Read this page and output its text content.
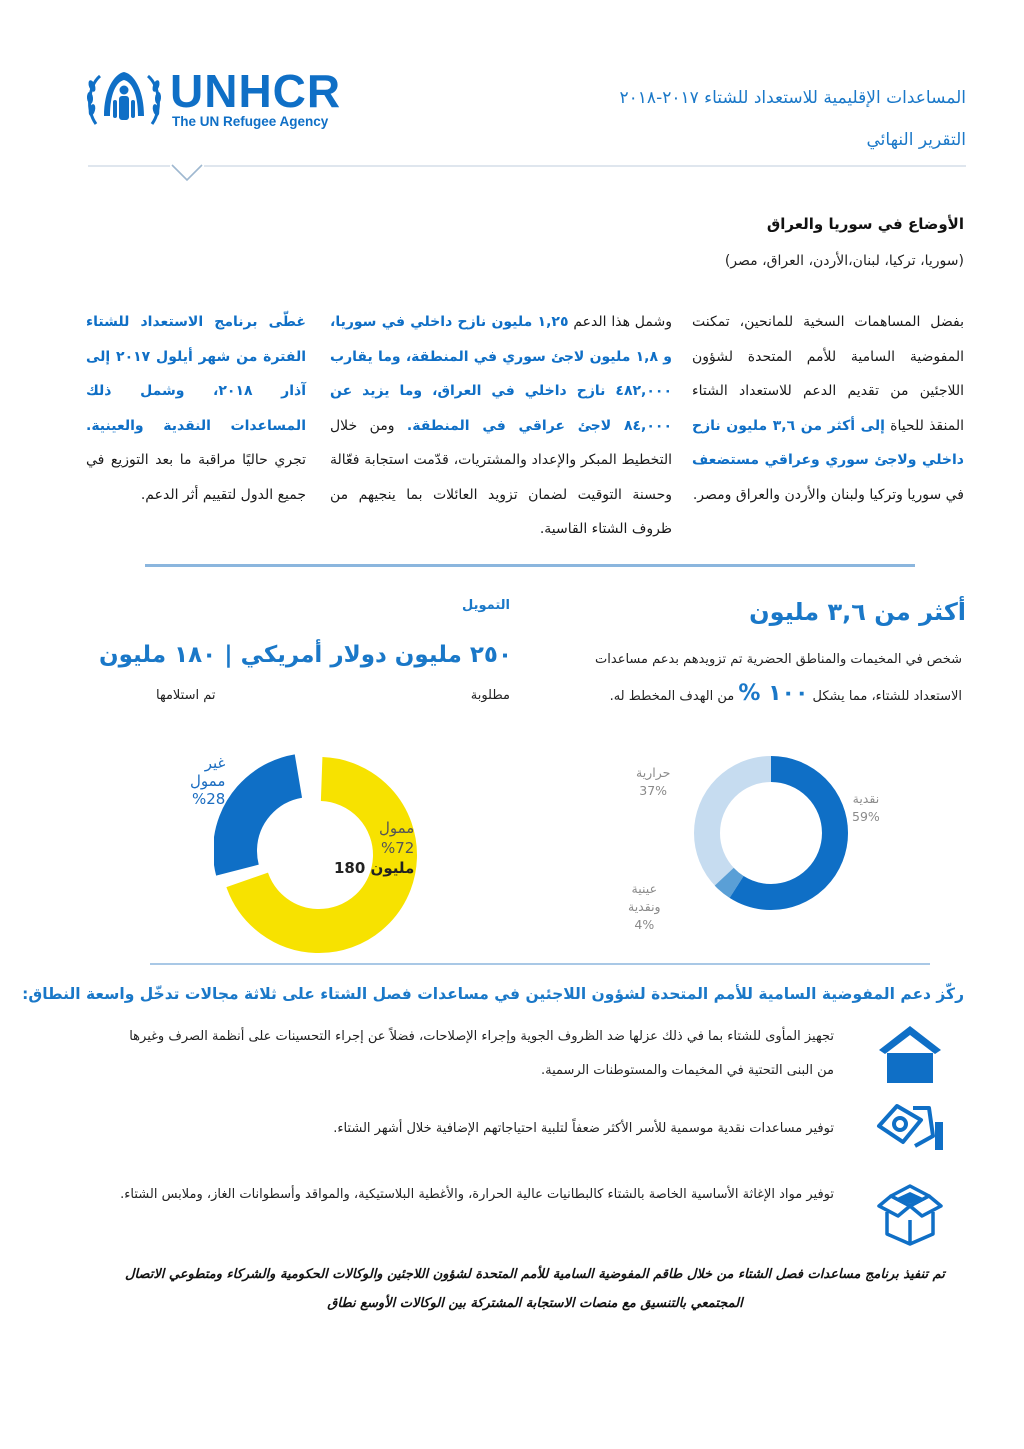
UNHCR
The UN Refugee Agency
المساعدات الإقليمية للاستعداد للشتاء ٢٠١٧-٢٠١٨
التقرير النهائي
الأوضاع في سوريا والعراق
(سوريا، تركيا، لبنان،الأردن، العراق، مصر)
بفضل المساهمات السخية للمانحين، تمكنت المفوضية السامية للأمم المتحدة لشؤون اللاجئين من تقديم الدعم للاستعداد الشتاء المنقذ للحياة إلى أكثر من ٣,٦ مليون نازح داخلي ولاجئ سوري وعراقي مستضعف في سوريا وتركيا ولبنان والأردن والعراق ومصر.
وشمل هذا الدعم ١,٢٥ مليون نازح داخلي في سوريا، و ١,٨ مليون لاجئ سوري في المنطقة، وما يقارب ٤٨٢,٠٠٠ نازح داخلي في العراق، وما يزيد عن ٨٤,٠٠٠ لاجئ عراقي في المنطقة. ومن خلال التخطيط المبكر والإعداد والمشتريات، قدّمت استجابة فعّالة وحسنة التوقيت لضمان تزويد العائلات بما ينجيهم من ظروف الشتاء القاسية.
غطّى برنامج الاستعداد للشتاء الفترة من شهر أيلول ٢٠١٧ إلى آذار ٢٠١٨، وشمل ذلك المساعدات النقدية والعينية. تجري حاليًا مراقبة ما بعد التوزيع في جميع الدول لتقييم أثر الدعم.
أكثر من ٣,٦ مليون
شخص في المخيمات والمناطق الحضرية تم تزويدهم بدعم مساعدات الاستعداد للشتاء، مما يشكل ١٠٠ % من الهدف المخطط له.
التمويل
٢٥٠ مليون دولار أمريكي | ١٨٠ مليون
مطلوبة
تم استلامها
نقدية
59%
حرارية
37%
عينية
ونقدية
4%
غير
ممول
%28
ممول
%72
180 مليون
ركّز دعم المفوضية السامية للأمم المتحدة لشؤون اللاجئين في مساعدات فصل الشتاء على ثلاثة مجالات تدخّل واسعة النطاق:
تجهيز المأوى للشتاء بما في ذلك عزلها ضد الظروف الجوية وإجراء الإصلاحات، فضلاً عن إجراء التحسينات على أنظمة الصرف وغيرها من البنى التحتية في المخيمات والمستوطنات الرسمية.
توفير مساعدات نقدية موسمية للأسر الأكثر ضعفاً لتلبية احتياجاتهم الإضافية خلال أشهر الشتاء.
توفير مواد الإغاثة الأساسية الخاصة بالشتاء كالبطانيات عالية الحرارة، والأغطية البلاستيكية، والمواقد وأسطوانات الغاز، وملابس الشتاء.
تم تنفيذ برنامج مساعدات فصل الشتاء من خلال طاقم المفوضية السامية للأمم المتحدة لشؤون اللاجئين والوكالات الحكومية والشركاء ومتطوعي الاتصال المجتمعي بالتنسيق مع منصات الاستجابة المشتركة بين الوكالات الأوسع نطاق
